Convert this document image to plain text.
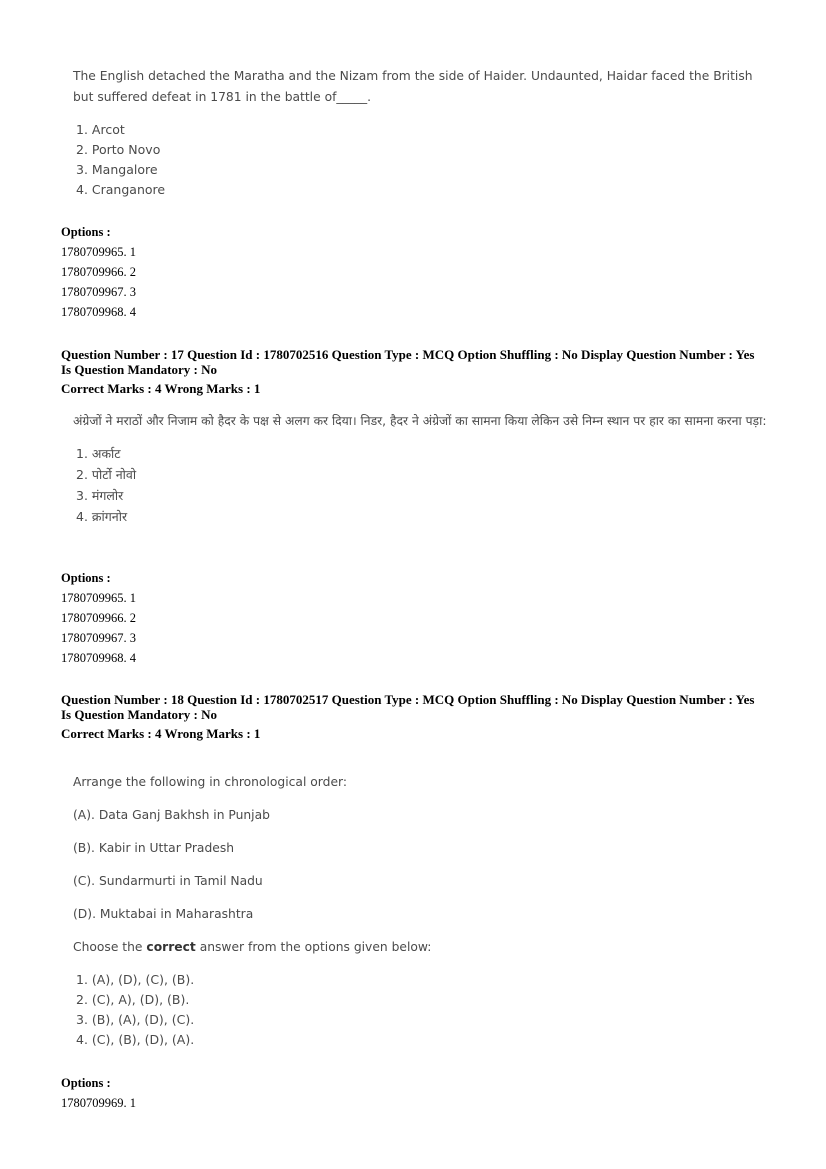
The English detached the Maratha and the Nizam from the side of Haider. Undaunted, Haidar faced the British but suffered defeat in 1781 in the battle of_____.

1. Arcot
2. Porto Novo
3. Mangalore
4. Cranganore
Options :
1780709965. 1
1780709966. 2
1780709967. 3
1780709968. 4
Question Number : 17 Question Id : 1780702516 Question Type : MCQ Option Shuffling : No Display Question Number : Yes
Is Question Mandatory : No
Correct Marks : 4 Wrong Marks : 1

अंग्रेजों ने मराठों और निजाम को हैदर के पक्ष से अलग कर दिया। निडर, हैदर ने अंग्रेजों का सामना किया लेकिन उसे निम्न स्थान पर हार का सामना करना पड़ा:

1. अर्काट
2. पोर्टो नोवो
3. मंगलोर
4. क्रांगनोर
Options :
1780709965. 1
1780709966. 2
1780709967. 3
1780709968. 4
Question Number : 18 Question Id : 1780702517 Question Type : MCQ Option Shuffling : No Display Question Number : Yes
Is Question Mandatory : No
Correct Marks : 4 Wrong Marks : 1

Arrange the following in chronological order:

(A). Data Ganj Bakhsh in Punjab

(B). Kabir in Uttar Pradesh

(C). Sundarmurti in Tamil Nadu

(D). Muktabai in Maharashtra

Choose the correct answer from the options given below:

1. (A), (D), (C), (B).
2. (C), A), (D), (B).
3. (B), (A), (D), (C).
4. (C), (B), (D), (A).
Options :
1780709969. 1
